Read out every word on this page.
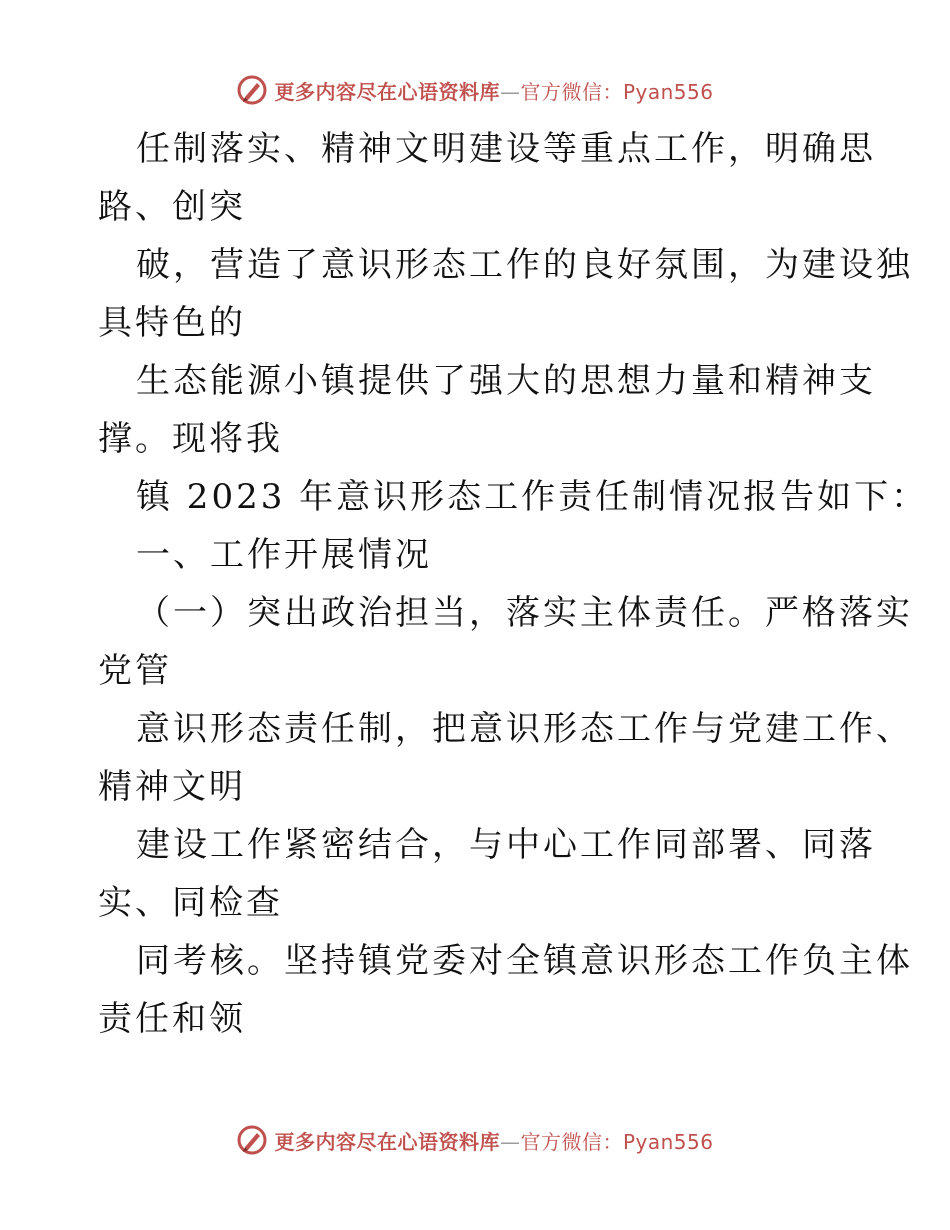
更多内容尽在心语资料库—官方微信：Pyan556
任制落实、精神文明建设等重点工作，明确思
路、创突
破，营造了意识形态工作的良好氛围，为建设独
具特色的
生态能源小镇提供了强大的思想力量和精神支
撑。现将我
镇 2023 年意识形态工作责任制情况报告如下：
一、工作开展情况
（一）突出政治担当，落实主体责任。严格落实
党管
意识形态责任制，把意识形态工作与党建工作、
精神文明
建设工作紧密结合，与中心工作同部署、同落
实、同检查
同考核。坚持镇党委对全镇意识形态工作负主体
责任和领
更多内容尽在心语资料库—官方微信：Pyan556
